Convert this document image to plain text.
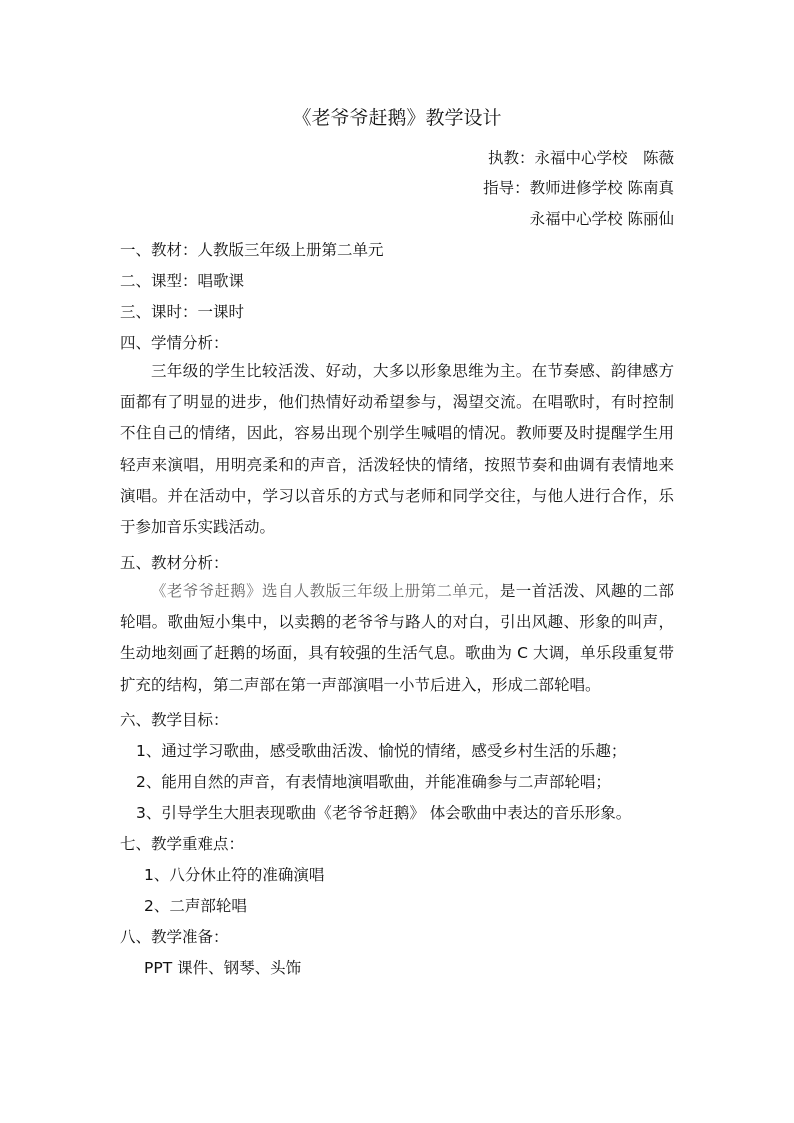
《老爷爷赶鹅》教学设计
执教：永福中心学校　陈薇
指导：教师进修学校 陈南真
永福中心学校 陈丽仙
一、教材：人教版三年级上册第二单元
二、课型：唱歌课
三、课时：一课时
四、学情分析：

三年级的学生比较活泼、好动，大多以形象思维为主。在节奏感、韵律感方面都有了明显的进步，他们热情好动希望参与，渴望交流。在唱歌时，有时控制不住自己的情绪，因此，容易出现个别学生喊唱的情况。教师要及时提醒学生用轻声来演唱，用明亮柔和的声音，活泼轻快的情绪，按照节奏和曲调有表情地来演唱。并在活动中，学习以音乐的方式与老师和同学交往，与他人进行合作，乐于参加音乐实践活动。

五、教材分析：

《老爷爷赶鹅》选自人教版三年级上册第二单元，是一首活泼、风趣的二部轮唱。歌曲短小集中，以卖鹅的老爷爷与路人的对白，引出风趣、形象的叫声，生动地刻画了赶鹅的场面，具有较强的生活气息。歌曲为 C 大调，单乐段重复带扩充的结构，第二声部在第一声部演唱一小节后进入，形成二部轮唱。

六、教学目标：
1、通过学习歌曲，感受歌曲活泼、愉悦的情绪，感受乡村生活的乐趣；
2、能用自然的声音，有表情地演唱歌曲，并能准确参与二声部轮唱；
3、引导学生大胆表现歌曲《老爷爷赶鹅》 体会歌曲中表达的音乐形象。
七、教学重难点：
1、八分休止符的准确演唱
2、二声部轮唱
八、教学准备：
PPT 课件、钢琴、头饰
